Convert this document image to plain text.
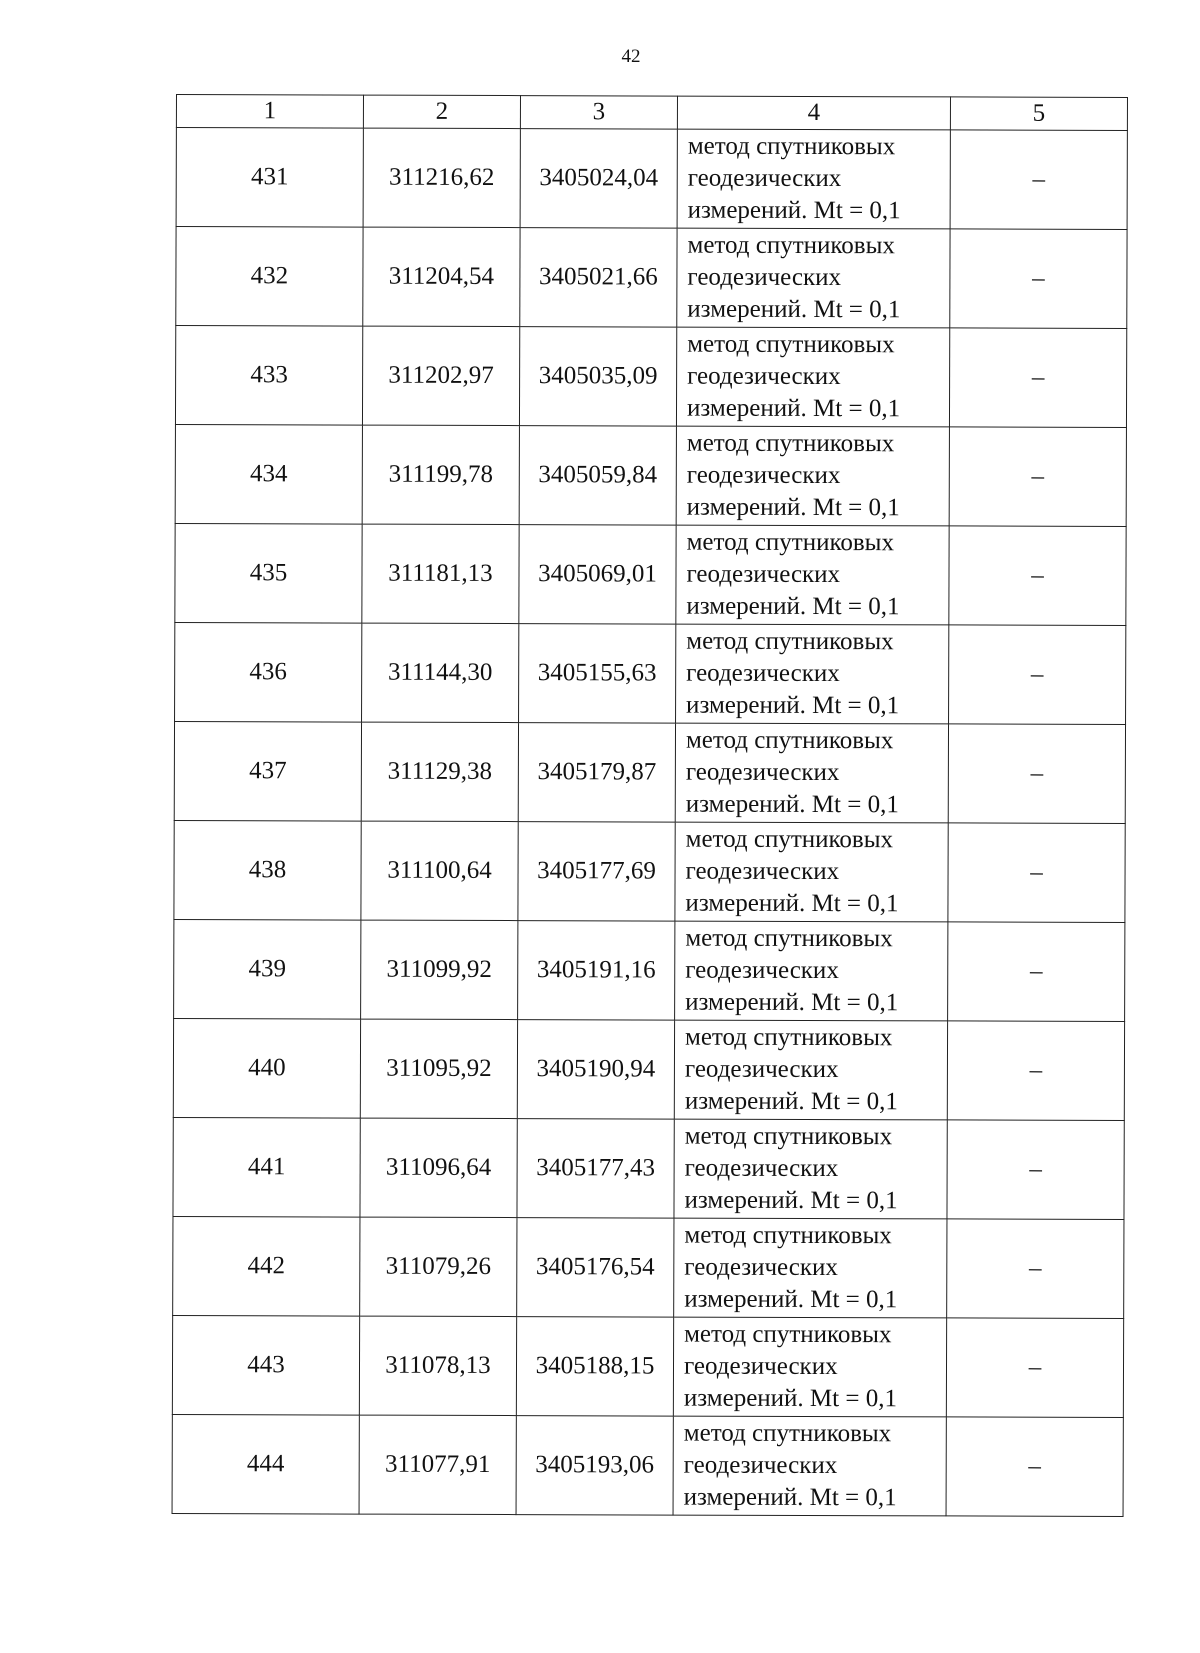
42
1	2	3	4	5
431	311216,62	3405024,04	метод спутниковых
геодезических
измерений. Mt = 0,1	–
432	311204,54	3405021,66	метод спутниковых
геодезических
измерений. Mt = 0,1	–
433	311202,97	3405035,09	метод спутниковых
геодезических
измерений. Mt = 0,1	–
434	311199,78	3405059,84	метод спутниковых
геодезических
измерений. Mt = 0,1	–
435	311181,13	3405069,01	метод спутниковых
геодезических
измерений. Mt = 0,1	–
436	311144,30	3405155,63	метод спутниковых
геодезических
измерений. Mt = 0,1	–
437	311129,38	3405179,87	метод спутниковых
геодезических
измерений. Mt = 0,1	–
438	311100,64	3405177,69	метод спутниковых
геодезических
измерений. Mt = 0,1	–
439	311099,92	3405191,16	метод спутниковых
геодезических
измерений. Mt = 0,1	–
440	311095,92	3405190,94	метод спутниковых
геодезических
измерений. Mt = 0,1	–
441	311096,64	3405177,43	метод спутниковых
геодезических
измерений. Mt = 0,1	–
442	311079,26	3405176,54	метод спутниковых
геодезических
измерений. Mt = 0,1	–
443	311078,13	3405188,15	метод спутниковых
геодезических
измерений. Mt = 0,1	–
444	311077,91	3405193,06	метод спутниковых
геодезических
измерений. Mt = 0,1	–
